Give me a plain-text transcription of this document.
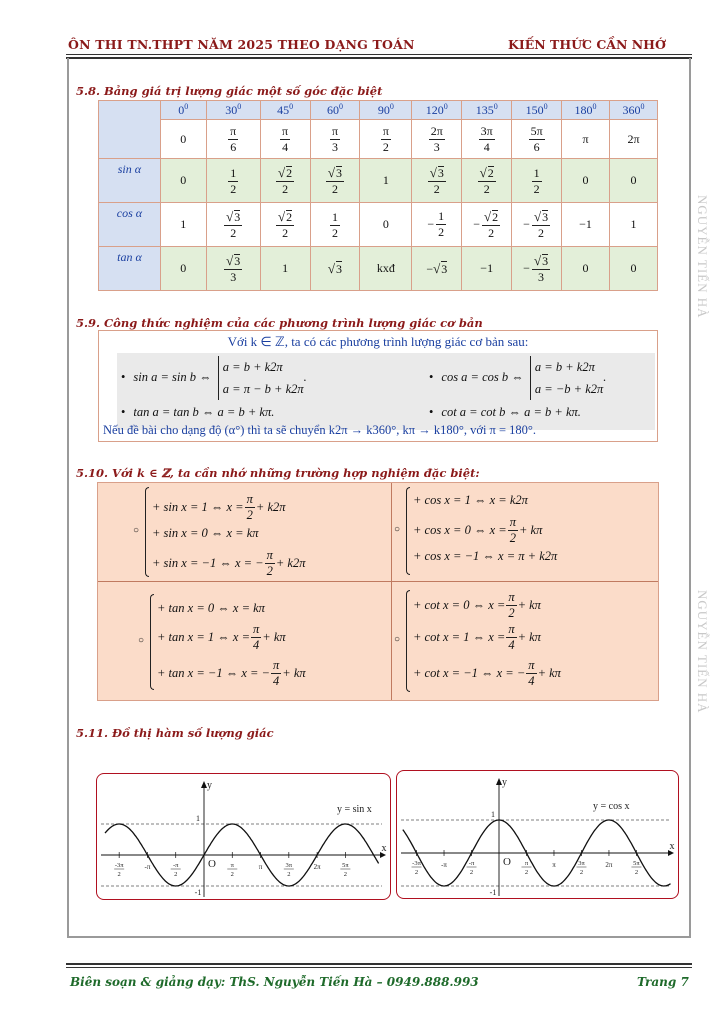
ÔN THI TN.THPT NĂM 2025 THEO DẠNG TOÁN	KIẾN THỨC CẦN NHỚ
NGUYỄN TIẾN HÀ
NGUYỄN TIẾN HÀ
5.8. Bảng giá trị lượng giác một số góc đặc biệt
	$0^0$	$30^0$	$45^0$	$60^0$	$90^0$	$120^0$	$135^0$	$150^0$	$180^0$	$360^0$

	0	$\frac{\pi}{6}$	$\frac{\pi}{4}$	$\frac{\pi}{3}$	$\frac{\pi}{2}$	$\frac{2\pi}{3}$	$\frac{3\pi}{4}$	$\frac{5\pi}{6}$	π	2π

sin α	0	$\frac{1}{2}$	$\frac{√2}{2}$	$\frac{√3}{2}$	1	$\frac{√3}{2}$	$\frac{√2}{2}$	$\frac{1}{2}$	0	0

cos α	1	$\frac{√3}{2}$	$\frac{√2}{2}$	$\frac{1}{2}$	0	− $\frac{1}{2}$	− $\frac{√2}{2}$	− $\frac{√3}{2}$	−1	1

tan α	0	$\frac{√3}{3}$	1	√3	kxđ	−√3	−1	− $\frac{√3}{3}$	0	0
5.9. Công thức nghiệm của các phương trình lượng giác cơ bản
Với k ∈ ℤ, ta có các phương trình lượng giác cơ bản sau:
• sin a = sin b ⇔ a = b + k2π
a = π − b + k2π.	• cos a = cos b ⇔ a = b + k2π
a = −b + k2π.
• tan a = tan b ⇔ a = b + kπ.	• cot a = cot b ⇔ a = b + kπ.
Nếu đề bài cho dạng độ (α°) thì ta sẽ chuyển k2π → k360°, kπ → k180°, với π = 180°.
5.10. Với k ∈ ℤ, ta cần nhớ những trường hợp nghiệm đặc biệt:
○
+ sin x = 1 ⇔ $x = \frac{\pi}{2} + k2\pi$
+ sin x = 0 ⇔ x = kπ
+ sin x = −1 ⇔ x = − $\frac{\pi}{2} + k2\pi$
○
+ cos x = 1 ⇔ x = k2π
+ cos x = 0 ⇔ $x = \frac{\pi}{2} + k\pi$
+ cos x = −1 ⇔ x = π + k2π
○
+ tan x = 0 ⇔ x = kπ
+ tan x = 1 ⇔ $x = \frac{\pi}{4} + k\pi$
+ tan x = −1 ⇔ x = − $\frac{\pi}{4} + k\pi$
○
+ cot x = 0 ⇔ $x = \frac{\pi}{2} + k\pi$
+ cot x = 1 ⇔ $x = \frac{\pi}{4} + k\pi$
+ cot x = −1 ⇔ x = − $\frac{\pi}{4} + k\pi$
5.11. Đồ thị hàm số lượng giác
-3π
2
-π	-π
2
π
2
π	3π
2
2π	5π
2
y
x
O
1
-1
y = sin x
-3π
2
-π	-π
2
π
2
π	3π
2
2π	5π
2
y
x
O
1
-1
y = cos x
Biên soạn & giảng dạy: ThS. Nguyễn Tiến Hà – 0949.888.993	Trang 7
